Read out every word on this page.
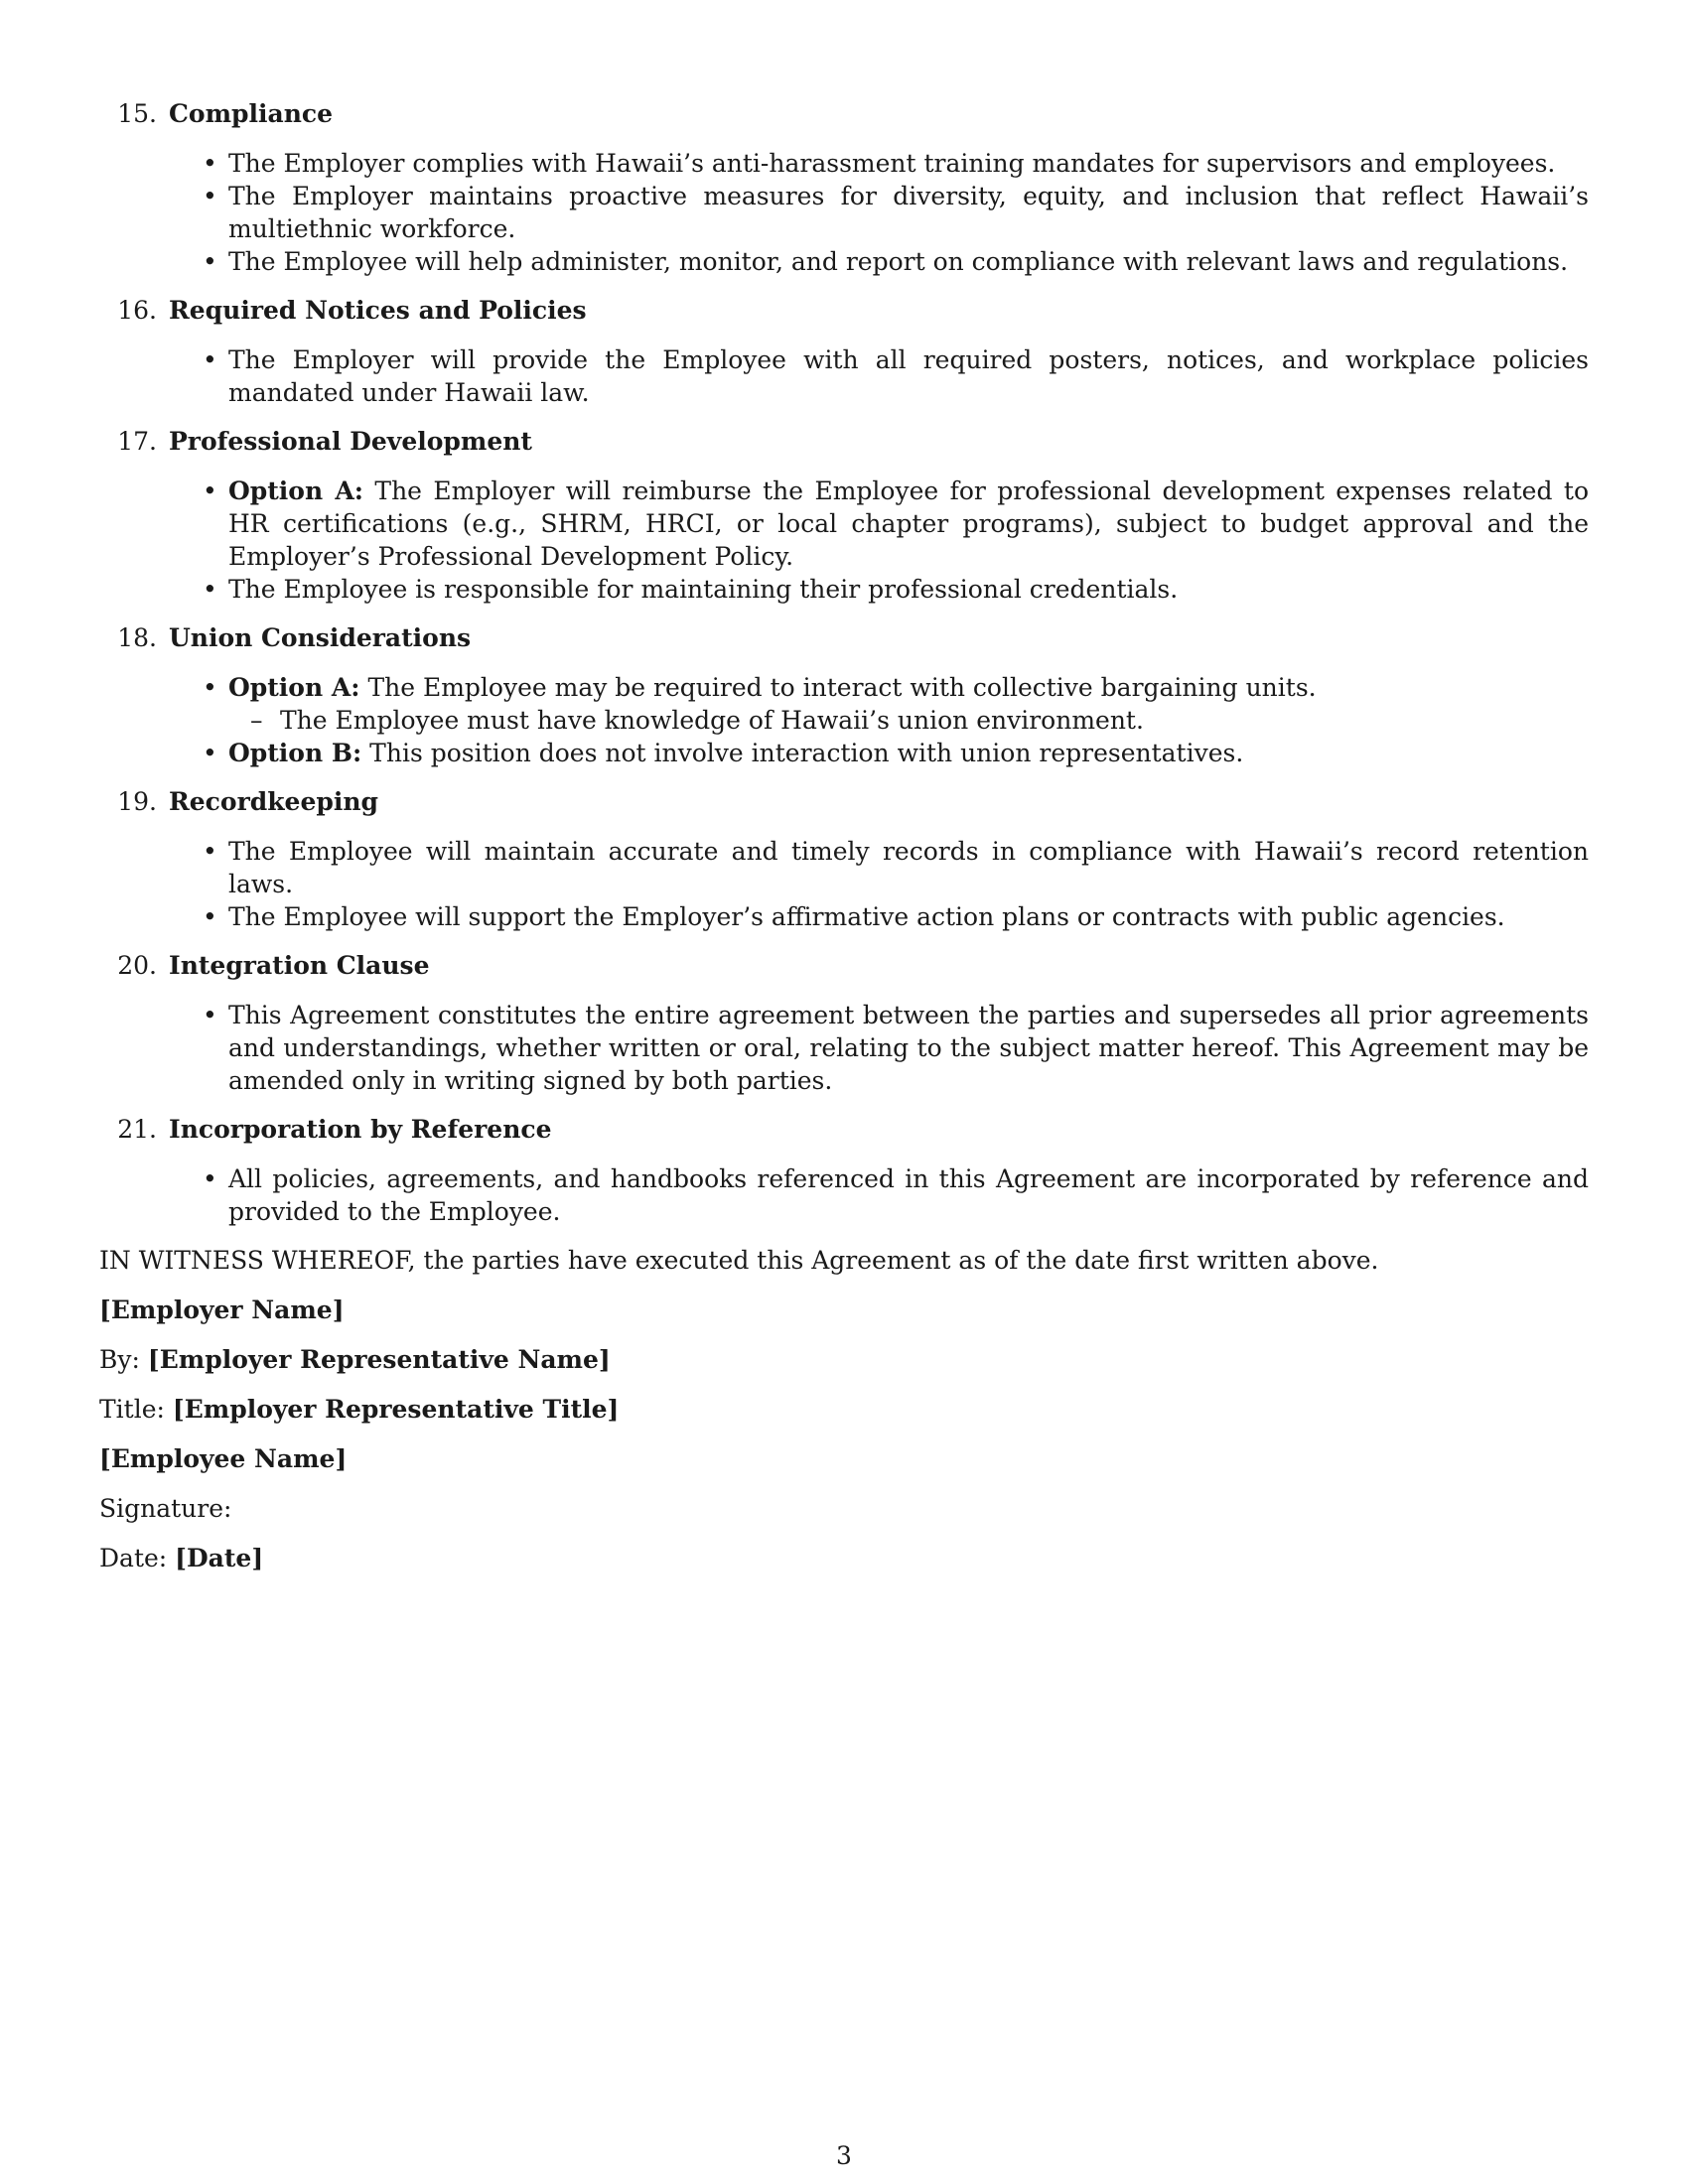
15. Compliance
• The Employer complies with Hawaii’s anti-harassment training mandates for supervisors and employees.
• The Employer maintains proactive measures for diversity, equity, and inclusion that reflect Hawaii’s multiethnic workforce.
• The Employee will help administer, monitor, and report on compliance with relevant laws and regulations.
16. Required Notices and Policies
• The Employer will provide the Employee with all required posters, notices, and workplace policies mandated under Hawaii law.
17. Professional Development
• Option A: The Employer will reimburse the Employee for professional development expenses related to HR certifications (e.g., SHRM, HRCI, or local chapter programs), subject to budget approval and the Employer’s Professional Development Policy.
• The Employee is responsible for maintaining their professional credentials.
18. Union Considerations
• Option A: The Employee may be required to interact with collective bargaining units.
– The Employee must have knowledge of Hawaii’s union environment.
• Option B: This position does not involve interaction with union representatives.
19. Recordkeeping
• The Employee will maintain accurate and timely records in compliance with Hawaii’s record retention laws.
• The Employee will support the Employer’s affirmative action plans or contracts with public agencies.
20. Integration Clause
• This Agreement constitutes the entire agreement between the parties and supersedes all prior agreements and understandings, whether written or oral, relating to the subject matter hereof. This Agreement may be amended only in writing signed by both parties.
21. Incorporation by Reference
• All policies, agreements, and handbooks referenced in this Agreement are incorporated by reference and provided to the Employee.

IN WITNESS WHEREOF, the parties have executed this Agreement as of the date first written above.

[Employer Name]

By: [Employer Representative Name]

Title: [Employer Representative Title]

[Employee Name]

Signature:

Date: [Date]

3
